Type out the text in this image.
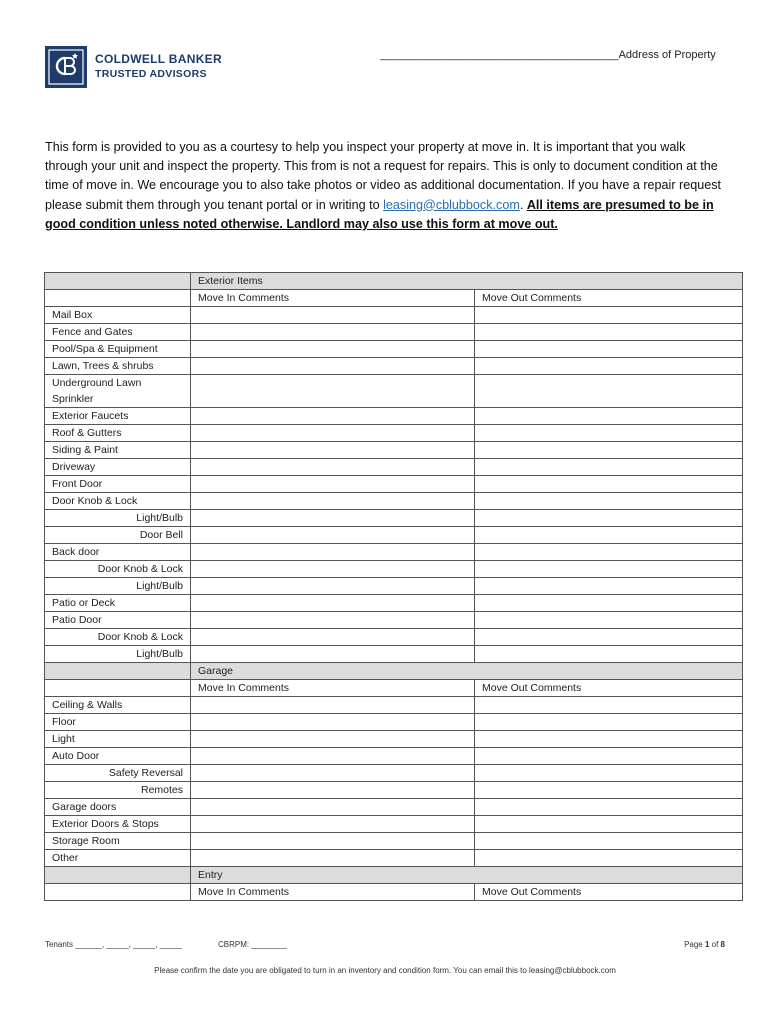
COLDWELL BANKER
TRUSTED ADVISORS
_______________________________________Address of Property
This form is provided to you as a courtesy to help you inspect your property at move in. It is important that you walk through your unit and inspect the property. This from is not a request for repairs. This is only to document condition at the time of move in. We encourage you to also take photos or video as additional documentation. If you have a repair request please submit them through you tenant portal or in writing to leasing@cblubbock.com. All items are presumed to be in good condition unless noted otherwise. Landlord may also use this form at move out.
	Exterior Items	
	Move In Comments	Move Out Comments
Mail Box		
Fence and Gates		
Pool/Spa & Equipment		
Lawn, Trees & shrubs		
Underground Lawn Sprinkler		
Exterior Faucets		
Roof & Gutters		
Siding & Paint		
Driveway		
Front Door		
Door Knob & Lock		
Light/Bulb		
Door Bell		
Back door		
Door Knob & Lock		
Light/Bulb		
Patio or Deck		
Patio Door		
Door Knob & Lock		
Light/Bulb		
	Garage	
	Move In Comments	Move Out Comments
Ceiling & Walls		
Floor		
Light		
Auto Door		
Safety Reversal		
Remotes		
Garage doors		
Exterior Doors & Stops		
Storage Room		
Other		
	Entry	
	Move In Comments	Move Out Comments
Tenants ______, _____, _____, _____	CBRPM: ________	Page 1 of 8
Please confirm the date you are obligated to turn in an inventory and condition form. You can email this to leasing@cblubbock.com
